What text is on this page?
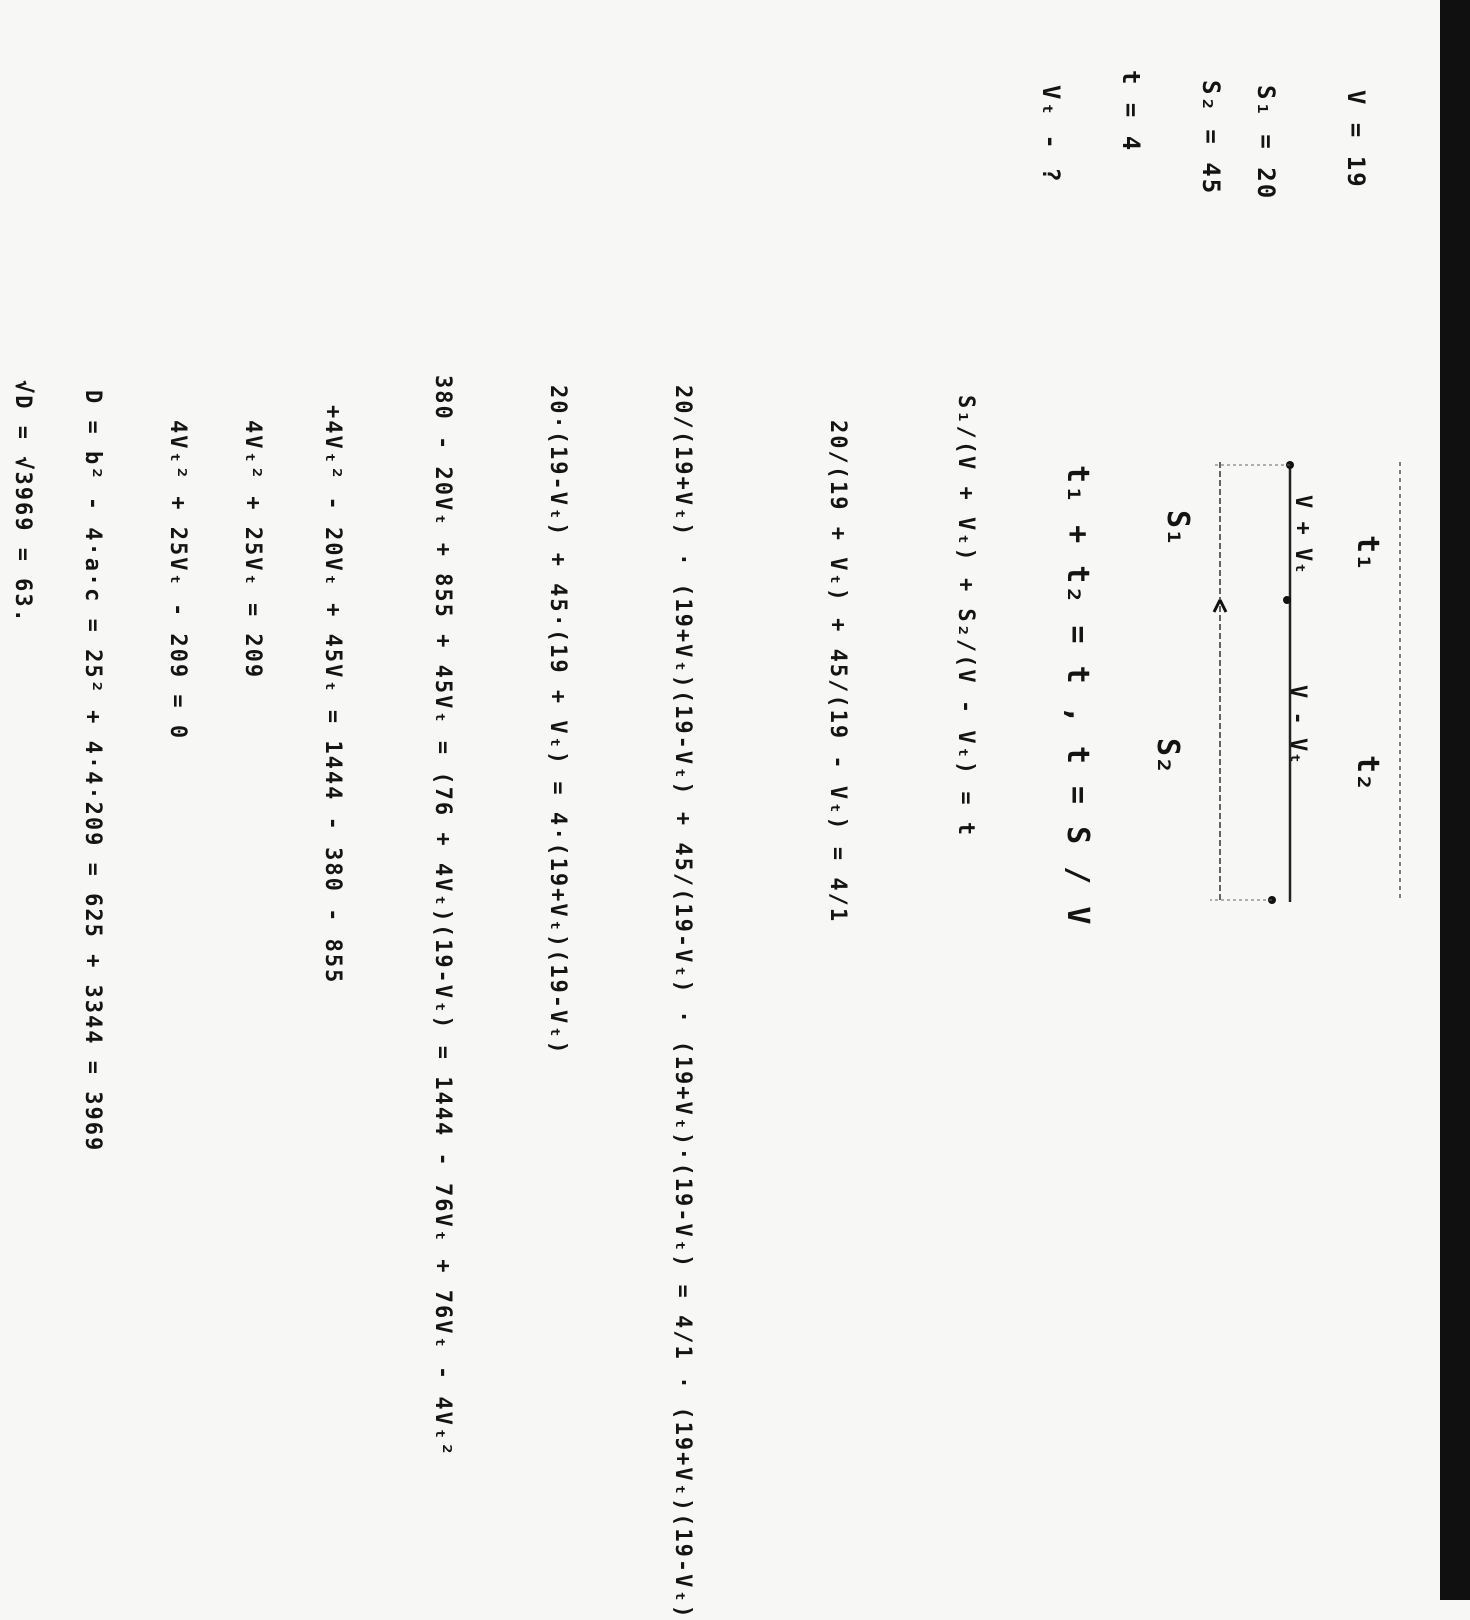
V = 19
S₁ = 20
S₂ = 45
t = 4
Vₜ - ?
t₁
t₂
V + Vₜ
V - Vₜ
S₁
S₂
t₁ + t₂ = t , t = S / V
S₁/(V + Vₜ) + S₂/(V - Vₜ) = t
20/(19 + Vₜ) + 45/(19 - Vₜ) = 4/1
20/(19+Vₜ) · (19+Vₜ)(19-Vₜ) + 45/(19-Vₜ) · (19+Vₜ)·(19-Vₜ) = 4/1 · (19+Vₜ)(19-Vₜ)
20·(19-Vₜ) + 45·(19 + Vₜ) = 4·(19+Vₜ)(19-Vₜ)
380 - 20Vₜ + 855 + 45Vₜ = (76 + 4Vₜ)(19-Vₜ) = 1444 - 76Vₜ + 76Vₜ - 4Vₜ²
+4Vₜ² - 20Vₜ + 45Vₜ = 1444 - 380 - 855
4Vₜ² + 25Vₜ = 209
4Vₜ² + 25Vₜ - 209 = 0
D = b² - 4·a·c = 25² + 4·4·209 = 625 + 3344 = 3969
√D = √3969 = 63.
